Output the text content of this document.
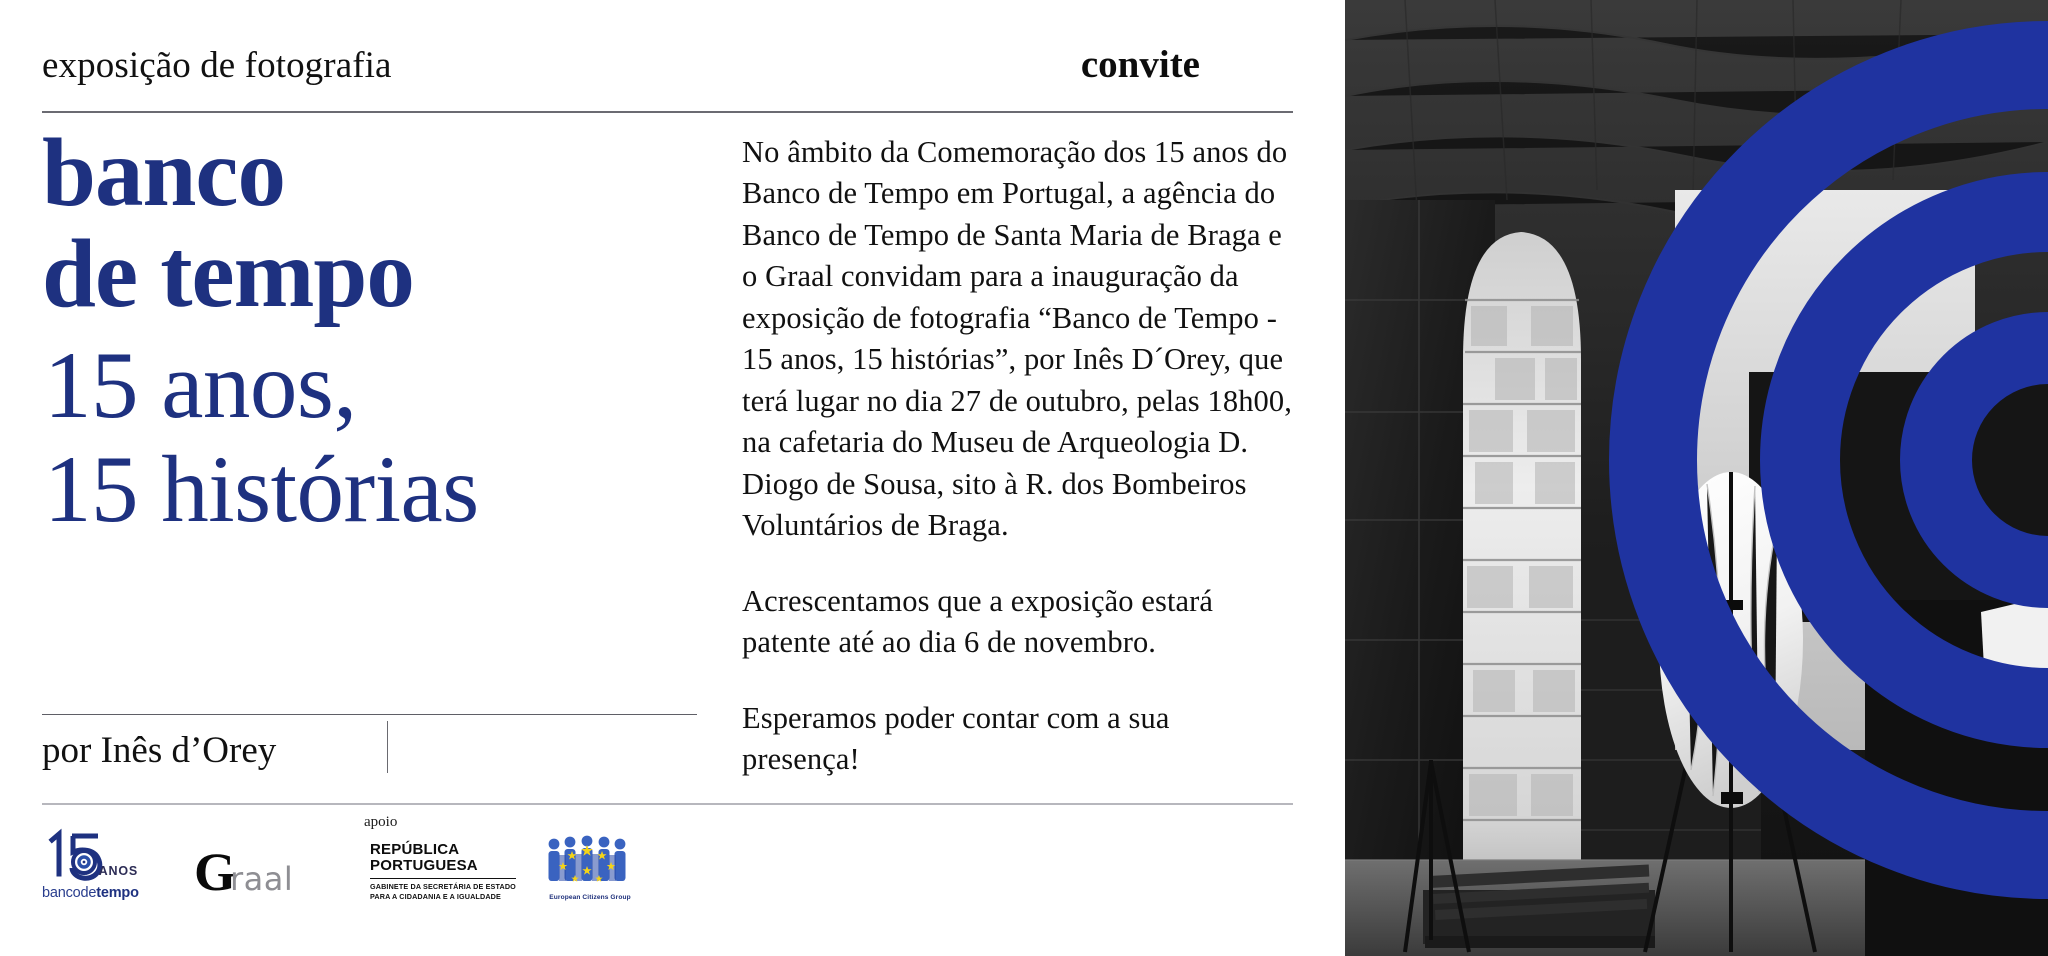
exposição de fotografia	convite
banco
de tempo
15 anos,
15 histórias

No âmbito da Comemoração dos 15 anos do Banco de Tempo em Portugal, a agência do Banco de Tempo de Santa Maria de Braga e o Graal convidam para a inauguração da exposição de fotografia “Banco de Tempo - 15 anos, 15 histórias”, por Inês D´Orey, que terá lugar no dia 27 de outubro, pelas 18h00, na cafetaria do Museu de Arqueologia D. Diogo de Sousa, sito à R. dos Bombeiros Voluntários de Braga.

Acrescentamos que a exposição estará patente até ao dia 6 de novembro.

Esperamos poder contar com a sua presença!

por Inês d’Orey
ANOS
bancodetempo G
raal
apoio
REPÚBLICA
PORTUGUESA
GABINETE DA SECRETÁRIA DE ESTADO
PARA A CIDADANIA E A IGUALDADE	European Citizens Group
